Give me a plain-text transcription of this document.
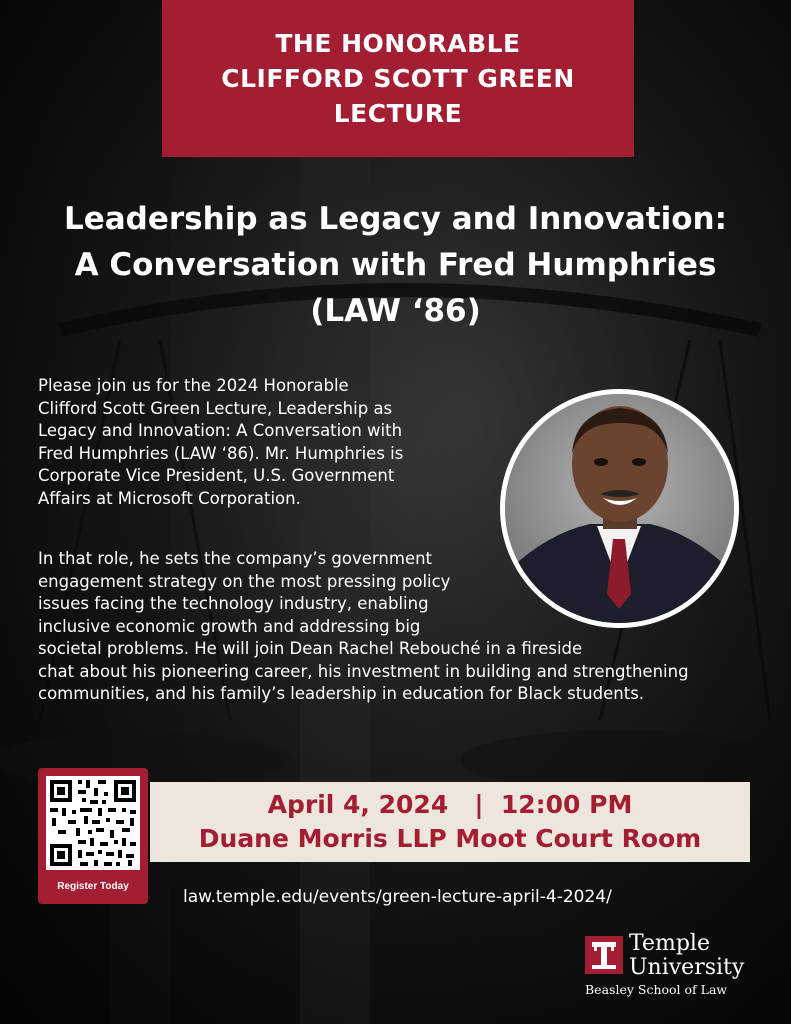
THE HONORABLE
CLIFFORD SCOTT GREEN
LECTURE
Leadership as Legacy and Innovation:
A Conversation with Fred Humphries
(LAW ‘86)
Please join us for the 2024 Honorable
Clifford Scott Green Lecture, Leadership as
Legacy and Innovation: A Conversation with
Fred Humphries (LAW ‘86). Mr. Humphries is
Corporate Vice President, U.S. Government
Affairs at Microsoft Corporation.
In that role, he sets the company’s government
engagement strategy on the most pressing policy
issues facing the technology industry, enabling
inclusive economic growth and addressing big
societal problems. He will join Dean Rachel Rebouché in a fireside
chat about his pioneering career, his investment in building and strengthening
communities, and his family’s leadership in education for Black students.
Register Today
April 4, 2024   |  12:00 PM
Duane Morris LLP Moot Court Room
law.temple.edu/events/green-lecture-april-4-2024/
Temple
University
Beasley School of Law
